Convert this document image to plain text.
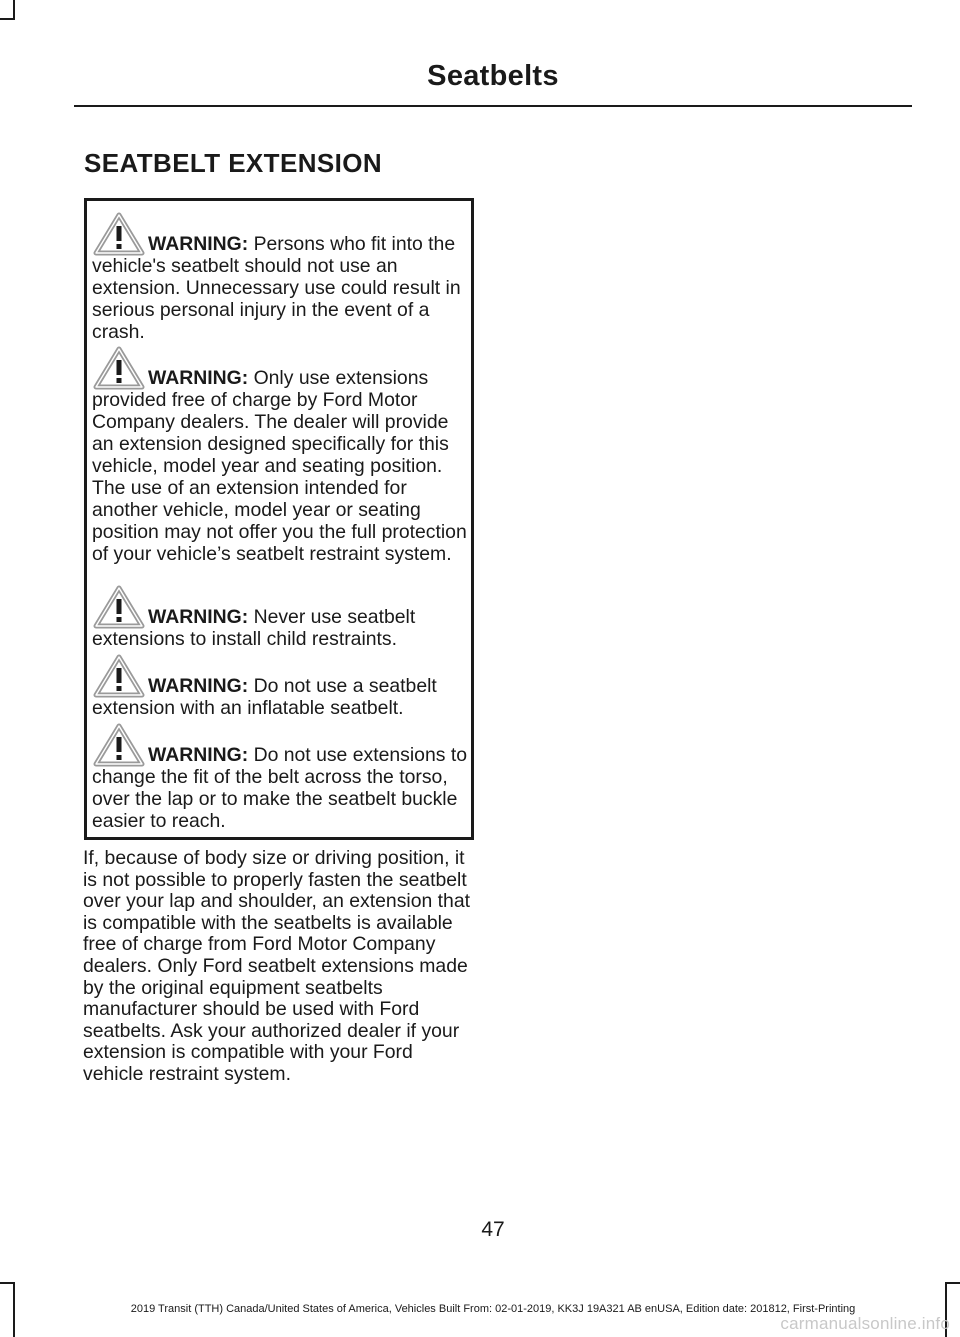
Seatbelts
SEATBELT EXTENSION

WARNING: Persons who fit into the vehicle's seatbelt should not use an extension. Unnecessary use could result in serious personal injury in the event of a crash.

WARNING: Only use extensions provided free of charge by Ford Motor Company dealers. The dealer will provide an extension designed specifically for this vehicle, model year and seating position. The use of an extension intended for another vehicle, model year or seating position may not offer you the full protection of your vehicle’s seatbelt restraint system.

WARNING: Never use seatbelt extensions to install child restraints.

WARNING: Do not use a seatbelt extension with an inflatable seatbelt.

WARNING: Do not use extensions to change the fit of the belt across the torso, over the lap or to make the seatbelt buckle easier to reach.

If, because of body size or driving position, it is not possible to properly fasten the seatbelt over your lap and shoulder, an extension that is compatible with the seatbelts is available free of charge from Ford Motor Company dealers. Only Ford seatbelt extensions made by the original equipment seatbelts manufacturer should be used with Ford seatbelts. Ask your authorized dealer if your extension is compatible with your Ford vehicle restraint system.

47
2019 Transit (TTH) Canada/United States of America, Vehicles Built From: 02-01-2019, KK3J 19A321 AB enUSA, Edition date: 201812, First-Printing
carmanualsonline.info
